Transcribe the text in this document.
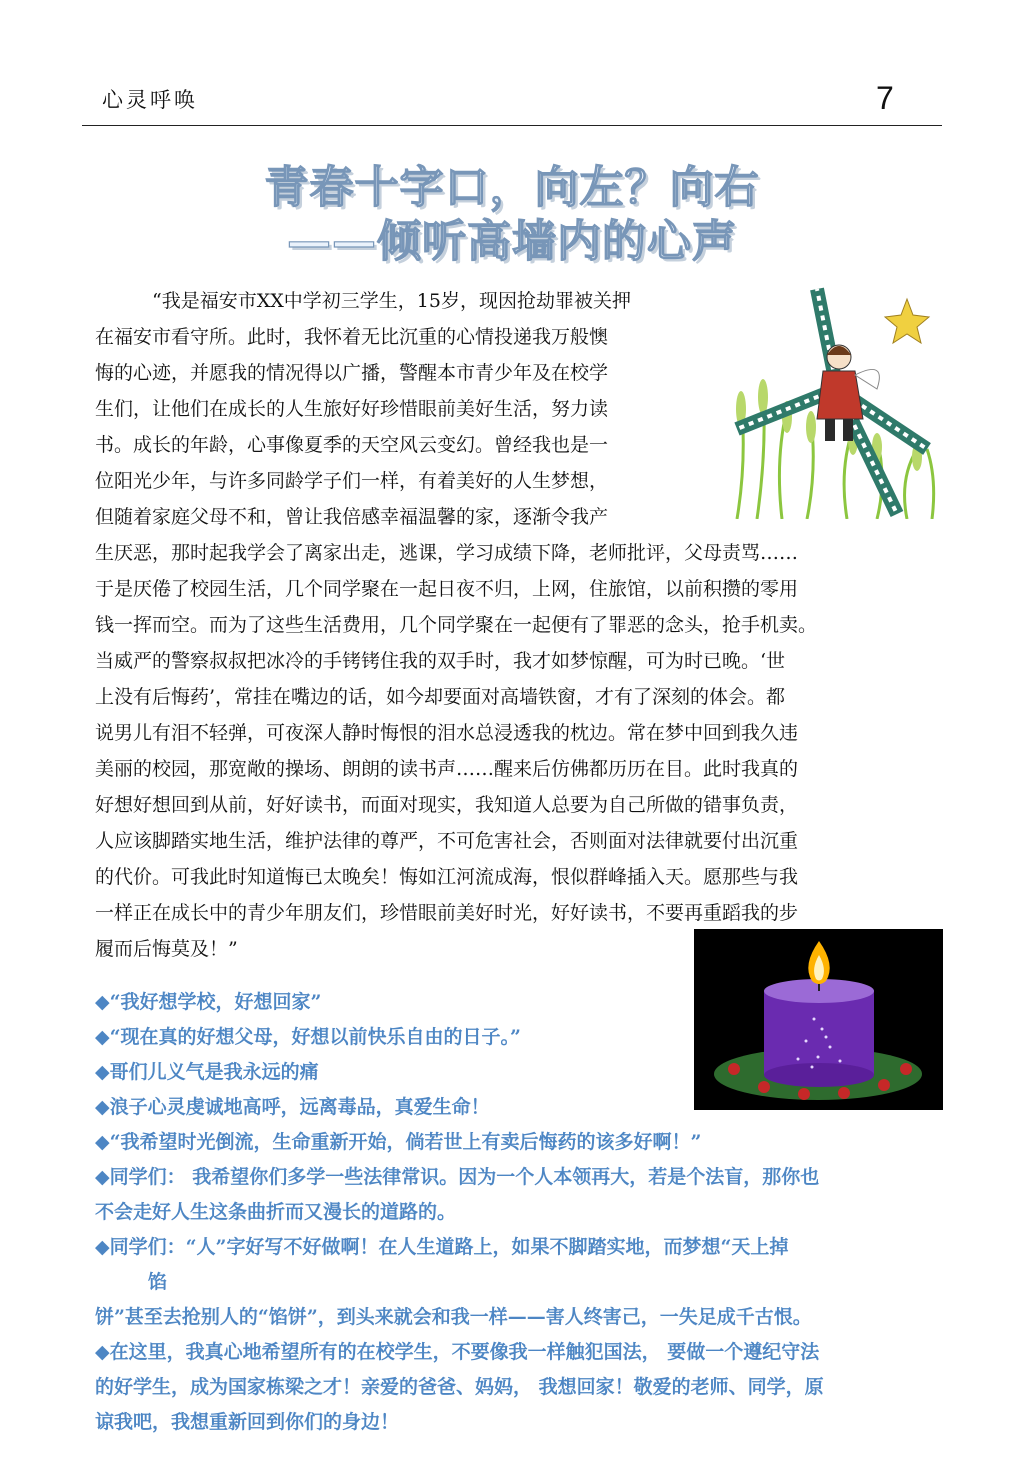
心灵呼唤	7
青春十字口，向左？向右
——倾听高墙内的心声
“我是福安市XX中学初三学生，15岁，现因抢劫罪被关押
在福安市看守所。此时，我怀着无比沉重的心情投递我万般懊
悔的心迹，并愿我的情况得以广播，警醒本市青少年及在校学
生们，让他们在成长的人生旅好好珍惜眼前美好生活，努力读
书。成长的年龄，心事像夏季的天空风云变幻。曾经我也是一
位阳光少年，与许多同龄学子们一样，有着美好的人生梦想，
但随着家庭父母不和，曾让我倍感幸福温馨的家，逐渐令我产
生厌恶，那时起我学会了离家出走，逃课，学习成绩下降，老师批评，父母责骂……
于是厌倦了校园生活，几个同学聚在一起日夜不归，上网，住旅馆，以前积攒的零用
钱一挥而空。而为了这些生活费用，几个同学聚在一起便有了罪恶的念头，抢手机卖。
当威严的警察叔叔把冰冷的手铐铐住我的双手时，我才如梦惊醒，可为时已晚。‘世
上没有后悔药’，常挂在嘴边的话，如今却要面对高墙铁窗，才有了深刻的体会。都
说男儿有泪不轻弹，可夜深人静时悔恨的泪水总浸透我的枕边。常在梦中回到我久违
美丽的校园，那宽敞的操场、朗朗的读书声……醒来后仿佛都历历在目。此时我真的
好想好想回到从前，好好读书，而面对现实，我知道人总要为自己所做的错事负责，
人应该脚踏实地生活，维护法律的尊严，不可危害社会，否则面对法律就要付出沉重
的代价。可我此时知道悔已太晚矣！悔如江河流成海，恨似群峰插入天。愿那些与我
一样正在成长中的青少年朋友们，珍惜眼前美好时光，好好读书，不要再重蹈我的步
履而后悔莫及！”
◆“我好想学校，好想回家”
◆“现在真的好想父母，好想以前快乐自由的日子。”
◆哥们儿义气是我永远的痛
◆浪子心灵虔诚地高呼，远离毒品，真爱生命！
◆“我希望时光倒流，生命重新开始，倘若世上有卖后悔药的该多好啊！”
◆同学们： 我希望你们多学一些法律常识。因为一个人本领再大，若是个法盲，那你也
不会走好人生这条曲折而又漫长的道路的。
◆同学们：“人”字好写不好做啊！在人生道路上，如果不脚踏实地，而梦想“天上掉
馅
饼”甚至去抢别人的“馅饼”，到头来就会和我一样——害人终害己，一失足成千古恨。
◆在这里，我真心地希望所有的在校学生，不要像我一样触犯国法， 要做一个遵纪守法
的好学生，成为国家栋梁之才！亲爱的爸爸、妈妈， 我想回家！敬爱的老师、同学，原
谅我吧，我想重新回到你们的身边！
